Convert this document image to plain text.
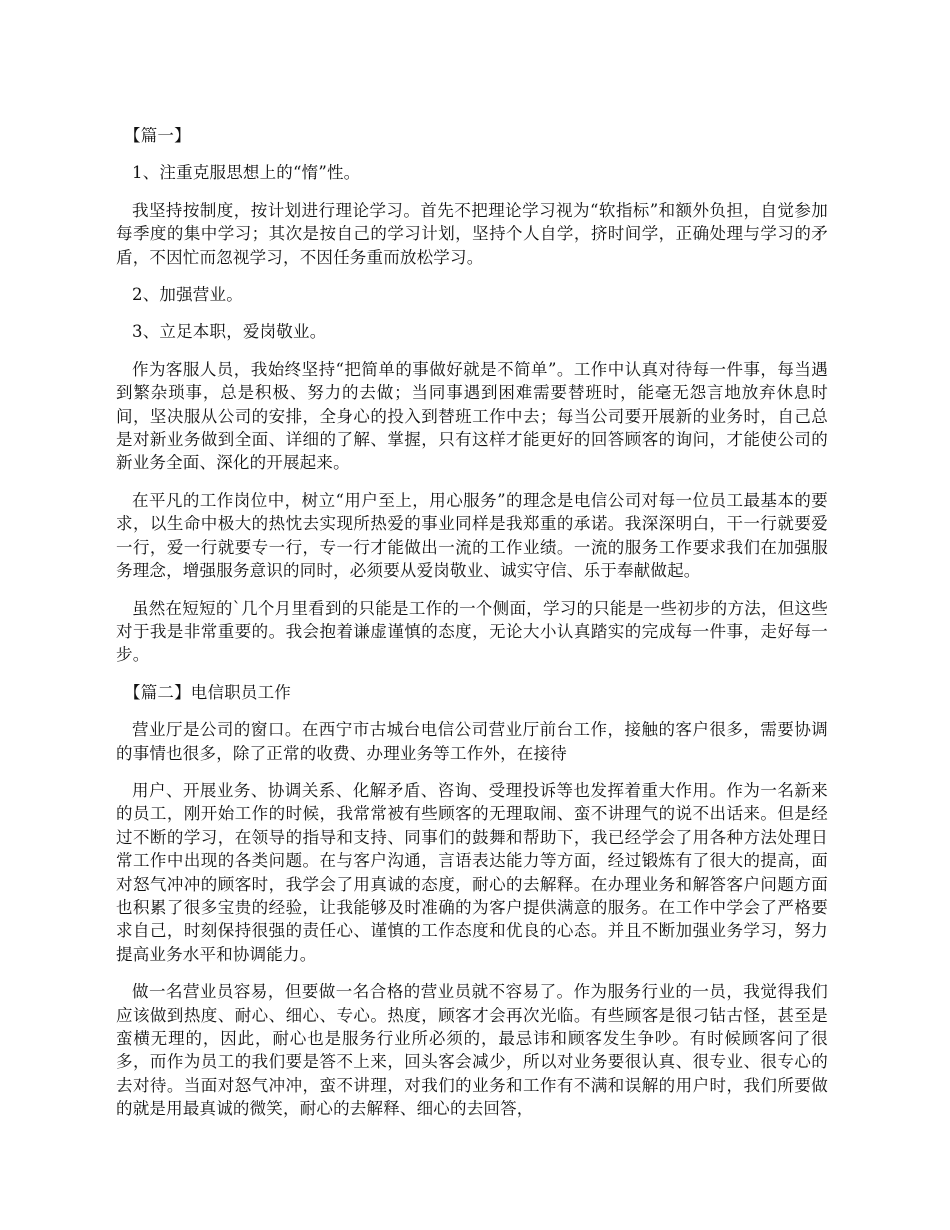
【篇一】

1、注重克服思想上的“惰”性。

我坚持按制度，按计划进行理论学习。首先不把理论学习视为“软指标”和额外负担，自觉参加每季度的集中学习；其次是按自己的学习计划，坚持个人自学，挤时间学，正确处理与学习的矛盾，不因忙而忽视学习，不因任务重而放松学习。

2、加强营业。

3、立足本职，爱岗敬业。

作为客服人员，我始终坚持“把简单的事做好就是不简单”。工作中认真对待每一件事，每当遇到繁杂琐事，总是积极、努力的去做；当同事遇到困难需要替班时，能毫无怨言地放弃休息时间，坚决服从公司的安排，全身心的投入到替班工作中去；每当公司要开展新的业务时，自己总是对新业务做到全面、详细的了解、掌握，只有这样才能更好的回答顾客的询问，才能使公司的新业务全面、深化的开展起来。

在平凡的工作岗位中，树立“用户至上，用心服务”的理念是电信公司对每一位员工最基本的要求，以生命中极大的热忱去实现所热爱的事业同样是我郑重的承诺。我深深明白，干一行就要爱一行，爱一行就要专一行，专一行才能做出一流的工作业绩。一流的服务工作要求我们在加强服务理念，增强服务意识的同时，必须要从爱岗敬业、诚实守信、乐于奉献做起。

虽然在短短的`几个月里看到的只能是工作的一个侧面，学习的只能是一些初步的方法，但这些对于我是非常重要的。我会抱着谦虚谨慎的态度，无论大小认真踏实的完成每一件事，走好每一步。

【篇二】电信职员工作

营业厅是公司的窗口。在西宁市古城台电信公司营业厅前台工作，接触的客户很多，需要协调的事情也很多，除了正常的收费、办理业务等工作外，在接待

用户、开展业务、协调关系、化解矛盾、咨询、受理投诉等也发挥着重大作用。作为一名新来的员工，刚开始工作的时候，我常常被有些顾客的无理取闹、蛮不讲理气的说不出话来。但是经过不断的学习，在领导的指导和支持、同事们的鼓舞和帮助下，我已经学会了用各种方法处理日常工作中出现的各类问题。在与客户沟通，言语表达能力等方面，经过锻炼有了很大的提高，面对怒气冲冲的顾客时，我学会了用真诚的态度，耐心的去解释。在办理业务和解答客户问题方面也积累了很多宝贵的经验，让我能够及时准确的为客户提供满意的服务。在工作中学会了严格要求自己，时刻保持很强的责任心、谨慎的工作态度和优良的心态。并且不断加强业务学习，努力提高业务水平和协调能力。

做一名营业员容易，但要做一名合格的营业员就不容易了。作为服务行业的一员，我觉得我们应该做到热度、耐心、细心、专心。热度，顾客才会再次光临。有些顾客是很刁钻古怪，甚至是蛮横无理的，因此，耐心也是服务行业所必须的，最忌讳和顾客发生争吵。有时候顾客问了很多，而作为员工的我们要是答不上来，回头客会减少，所以对业务要很认真、很专业、很专心的去对待。当面对怒气冲冲，蛮不讲理，对我们的业务和工作有不满和误解的用户时，我们所要做的就是用最真诚的微笑，耐心的去解释、细心的去回答，
